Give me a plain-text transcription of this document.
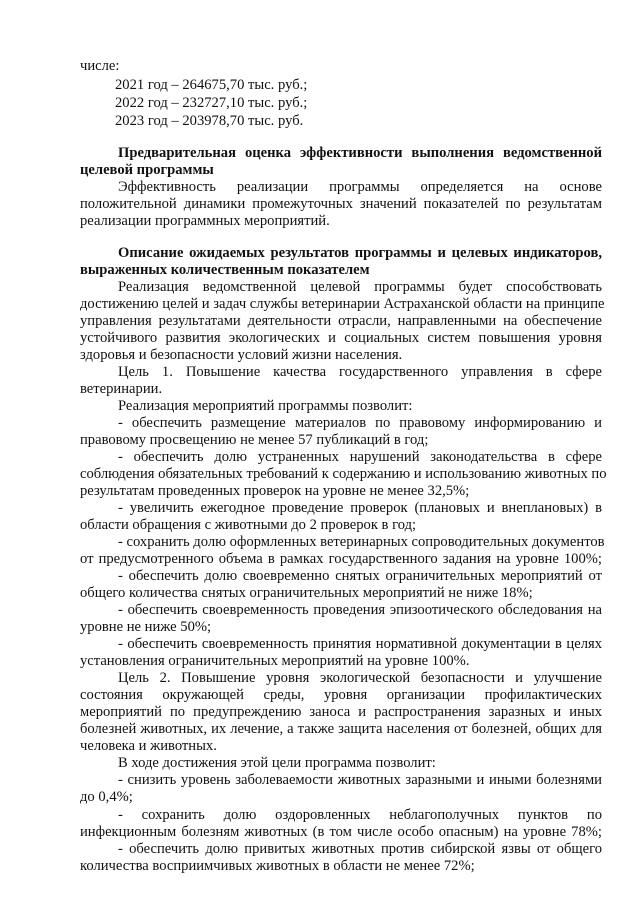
числе:
2021 год – 264675,70 тыс. руб.;
2022 год – 232727,10 тыс. руб.;
2023 год – 203978,70 тыс. руб.
Предварительная оценка эффективности выполнения ведомственной
целевой программы
Эффективность реализации программы определяется на основе
положительной динамики промежуточных значений показателей по результатам
реализации программных мероприятий.
Описание ожидаемых результатов программы и целевых индикаторов,
выраженных количественным показателем
Реализация ведомственной целевой программы будет способствовать
достижению целей и задач службы ветеринарии Астраханской области на принципе
управления результатами деятельности отрасли, направленными на обеспечение
устойчивого развития экологических и социальных систем повышения уровня
здоровья и безопасности условий жизни населения.
Цель 1. Повышение качества государственного управления в сфере
ветеринарии.
Реализация мероприятий программы позволит:
- обеспечить размещение материалов по правовому информированию и
правовому просвещению не менее 57 публикаций в год;
- обеспечить долю устраненных нарушений законодательства в сфере
соблюдения обязательных требований к содержанию и использованию животных по
результатам проведенных проверок на уровне не менее 32,5%;
- увеличить ежегодное проведение проверок (плановых и внеплановых) в
области обращения с животными до 2 проверок в год;
- сохранить долю оформленных ветеринарных сопроводительных документов
от предусмотренного объема в рамках государственного задания на уровне 100%;
- обеспечить долю своевременно снятых ограничительных мероприятий от
общего количества снятых ограничительных мероприятий не ниже 18%;
- обеспечить своевременность проведения эпизоотического обследования на
уровне не ниже 50%;
- обеспечить своевременность принятия нормативной документации в целях
установления ограничительных мероприятий на уровне 100%.
Цель 2. Повышение уровня экологической безопасности и улучшение
состояния окружающей среды, уровня организации профилактических
мероприятий по предупреждению заноса и распространения заразных и иных
болезней животных, их лечение, а также защита населения от болезней, общих для
человека и животных.
В ходе достижения этой цели программа позволит:
- снизить уровень заболеваемости животных заразными и иными болезнями
до 0,4%;
- сохранить долю оздоровленных неблагополучных пунктов по
инфекционным болезням животных (в том числе особо опасным) на уровне 78%;
- обеспечить долю привитых животных против сибирской язвы от общего
количества восприимчивых животных в области не менее 72%;
